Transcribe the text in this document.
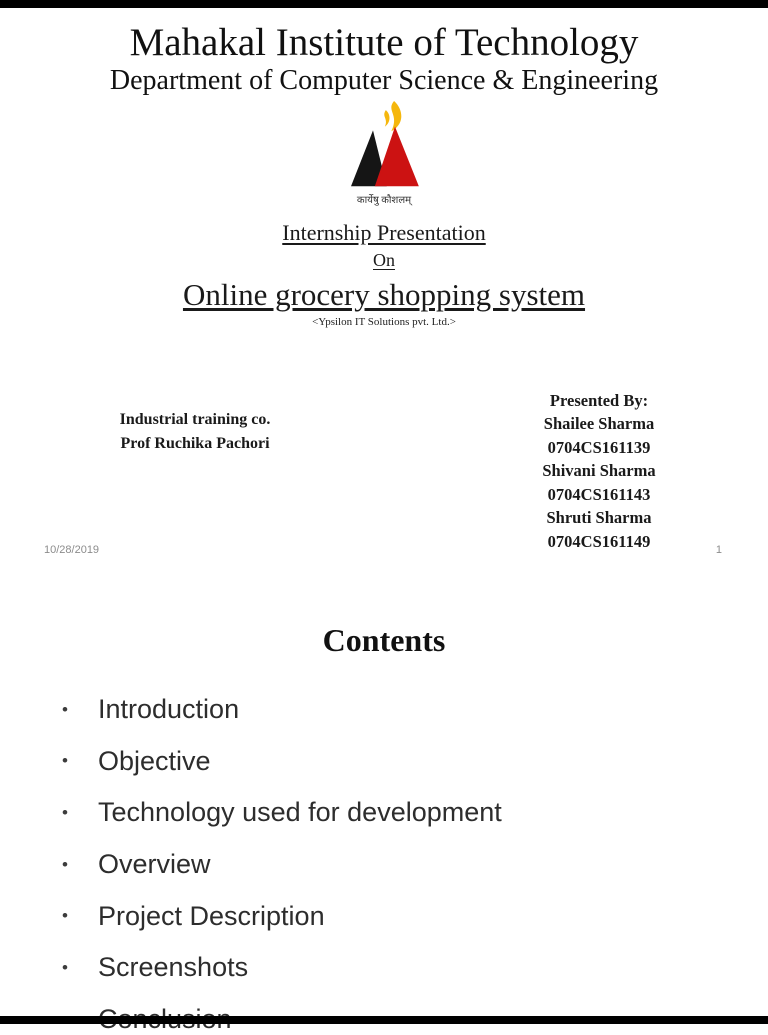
Mahakal Institute of Technology
Department of Computer Science & Engineering
कार्येषु कौशलम्
Internship Presentation
On
Online grocery shopping system
<Ypsilon IT Solutions pvt. Ltd.>
Industrial training co.
Prof Ruchika Pachori
Presented By:
Shailee Sharma
0704CS161139
Shivani Sharma
0704CS161143
Shruti Sharma
0704CS161149
10/28/2019	1
Contents
• Introduction
• Objective
• Technology used for development
• Overview
• Project Description
• Screenshots
